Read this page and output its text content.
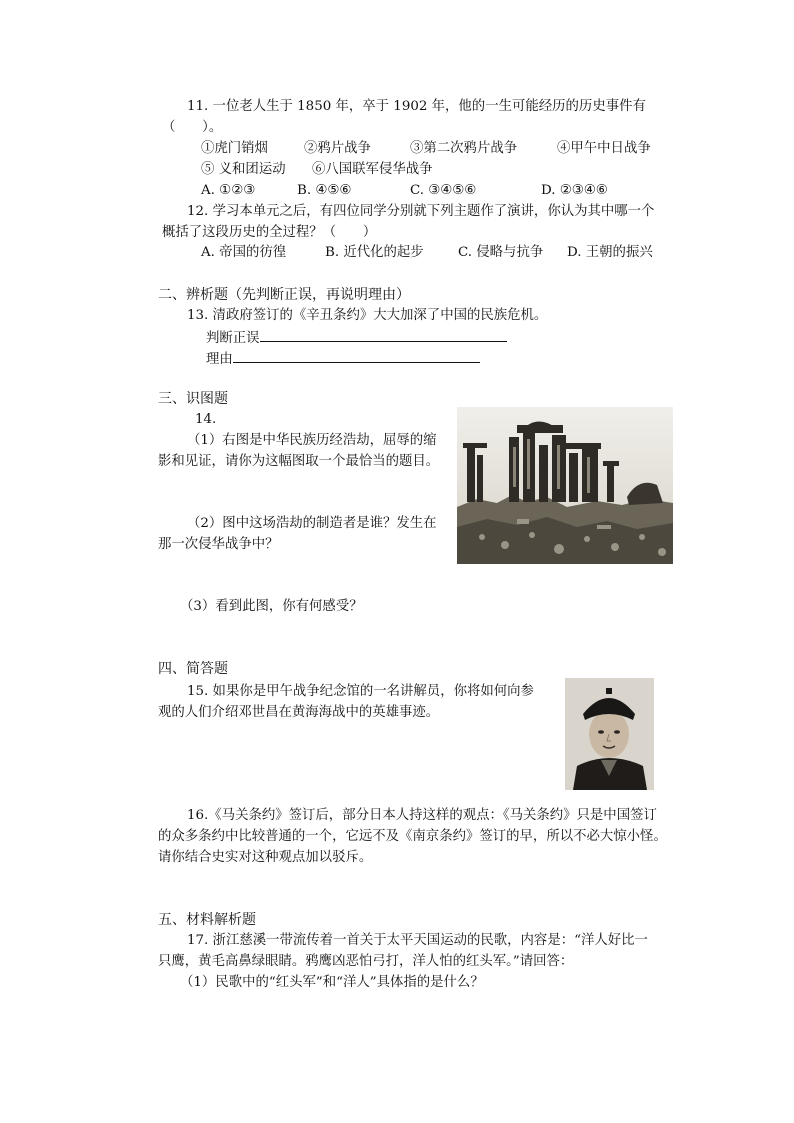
11. 一位老人生于 1850 年，卒于 1902 年，他的一生可能经历的历史事件有
（　　）。
①虎门销烟	②鸦片战争	③第二次鸦片战争	④甲午中日战争
⑤ 义和团运动 ⑥八国联军侵华战争
A. ①②③	B. ④⑤⑥	C. ③④⑤⑥	D. ②③④⑥
12. 学习本单元之后，有四位同学分别就下列主题作了演讲，你认为其中哪一个
概括了这段历史的全过程？（　　）
A. 帝国的彷徨	B. 近代化的起步	C. 侵略与抗争 D. 王朝的振兴
二、辨析题（先判断正误，再说明理由）
13. 清政府签订的《辛丑条约》大大加深了中国的民族危机。
判断正误
理由
三、识图题
14.
（1）右图是中华民族历经浩劫，屈辱的缩
影和见证，请你为这幅图取一个最恰当的题目。
（2）图中这场浩劫的制造者是谁？发生在
那一次侵华战争中？
（3）看到此图，你有何感受？
四、简答题
15. 如果你是甲午战争纪念馆的一名讲解员，你将如何向参
观的人们介绍邓世昌在黄海海战中的英雄事迹。
16.《马关条约》签订后，部分日本人持这样的观点：《马关条约》只是中国签订
的众多条约中比较普通的一个，它远不及《南京条约》签订的早，所以不必大惊小怪。
请你结合史实对这种观点加以驳斥。
五、材料解析题
17. 浙江慈溪一带流传着一首关于太平天国运动的民歌，内容是：“洋人好比一
只鹰，黄毛高鼻绿眼睛。鸦鹰凶恶怕弓打，洋人怕的红头军。”请回答：
（1）民歌中的“红头军”和“洋人”具体指的是什么？
